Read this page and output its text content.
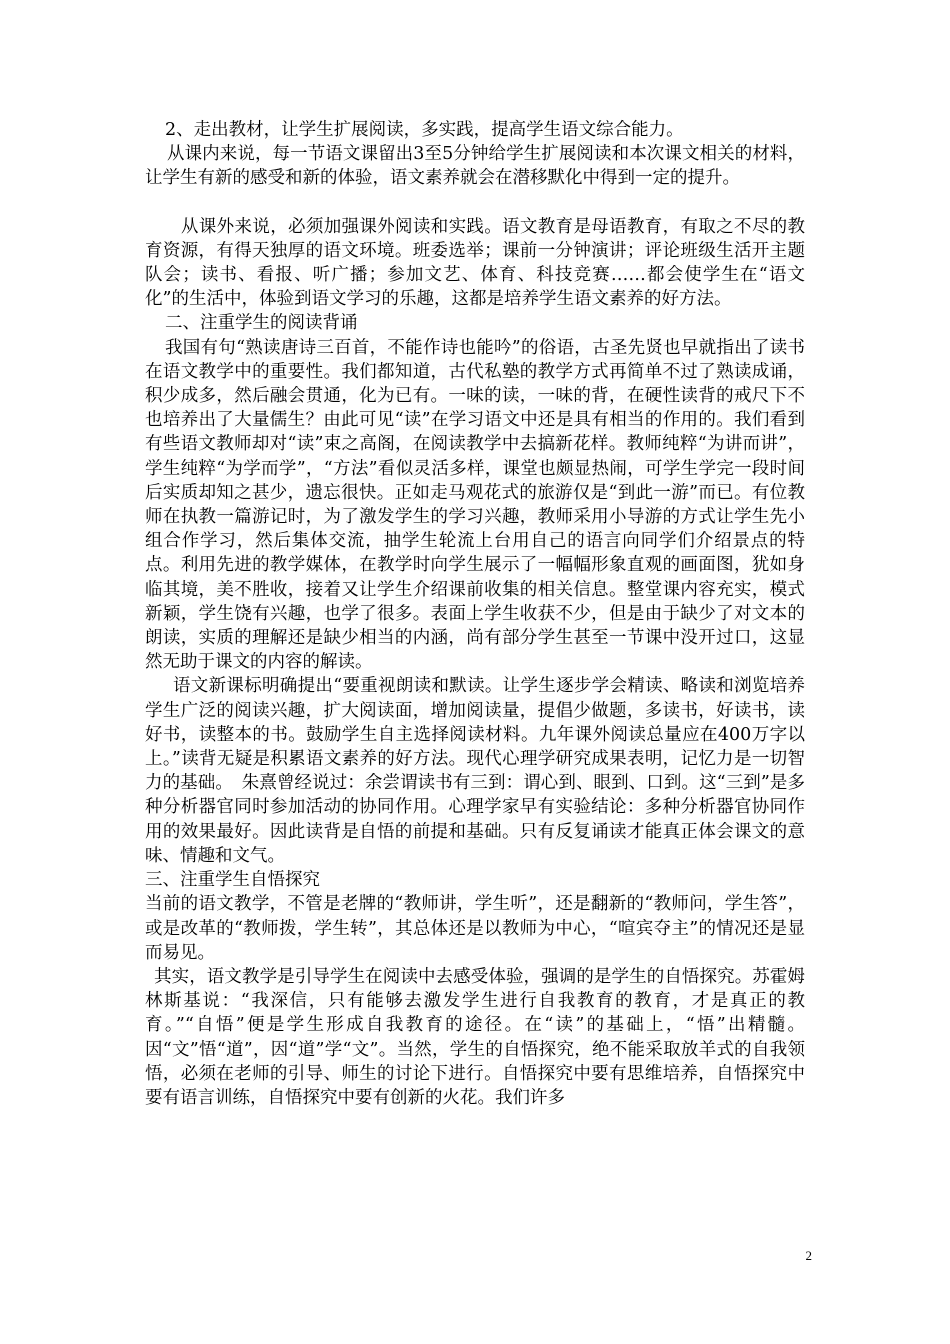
2、走出教材，让学生扩展阅读，多实践，提高学生语文综合能力。

从课内来说，每一节语文课留出3至5分钟给学生扩展阅读和本次课文相关的材料，让学生有新的感受和新的体验，语文素养就会在潜移默化中得到一定的提升。

从课外来说，必须加强课外阅读和实践。语文教育是母语教育，有取之不尽的教育资源，有得天独厚的语文环境。班委选举；课前一分钟演讲；评论班级生活开主题队会；读书、看报、听广播；参加文艺、体育、科技竞赛……都会使学生在“语文化”的生活中，体验到语文学习的乐趣，这都是培养学生语文素养的好方法。

二、注重学生的阅读背诵

我国有句“熟读唐诗三百首，不能作诗也能吟”的俗语，古圣先贤也早就指出了读书在语文教学中的重要性。我们都知道，古代私塾的教学方式再简单不过了熟读成诵，积少成多，然后融会贯通，化为已有。一味的读，一味的背，在硬性读背的戒尺下不也培养出了大量儒生？由此可见“读”在学习语文中还是具有相当的作用的。我们看到有些语文教师却对“读”束之高阁，在阅读教学中去搞新花样。教师纯粹“为讲而讲”，学生纯粹“为学而学”，“方法”看似灵活多样，课堂也颇显热闹，可学生学完一段时间后实质却知之甚少，遗忘很快。正如走马观花式的旅游仅是“到此一游”而已。有位教师在执教一篇游记时，为了激发学生的学习兴趣，教师采用小导游的方式让学生先小组合作学习，然后集体交流，抽学生轮流上台用自己的语言向同学们介绍景点的特点。利用先进的教学媒体，在教学时向学生展示了一幅幅形象直观的画面图，犹如身临其境，美不胜收，接着又让学生介绍课前收集的相关信息。整堂课内容充实，模式新颖，学生饶有兴趣，也学了很多。表面上学生收获不少，但是由于缺少了对文本的朗读，实质的理解还是缺少相当的内涵，尚有部分学生甚至一节课中没开过口，这显然无助于课文的内容的解读。

语文新课标明确提出“要重视朗读和默读。让学生逐步学会精读、略读和浏览培养学生广泛的阅读兴趣，扩大阅读面，增加阅读量，提倡少做题，多读书，好读书，读好书，读整本的书。鼓励学生自主选择阅读材料。九年课外阅读总量应在400万字以上。”读背无疑是积累语文素养的好方法。现代心理学研究成果表明，记忆力是一切智力的基础。　朱熹曾经说过：余尝谓读书有三到：谓心到、眼到、口到。这“三到”是多种分析器官同时参加活动的协同作用。心理学家早有实验结论：多种分析器官协同作用的效果最好。因此读背是自悟的前提和基础。只有反复诵读才能真正体会课文的意味、情趣和文气。

三、注重学生自悟探究

当前的语文教学，不管是老牌的“教师讲，学生听”，还是翻新的“教师问，学生答”，或是改革的“教师拨，学生转”，其总体还是以教师为中心，“喧宾夺主”的情况还是显而易见。

其实，语文教学是引导学生在阅读中去感受体验，强调的是学生的自悟探究。苏霍姆林斯基说：“我深信，只有能够去激发学生进行自我教育的教育，才是真正的教育。”“自悟”便是学生形成自我教育的途径。在“读”的基础上，“悟”出精髓。因“文”悟“道”，因“道”学“文”。当然，学生的自悟探究，绝不能采取放羊式的自我领悟，必须在老师的引导、师生的讨论下进行。自悟探究中要有思维培养，自悟探究中要有语言训练，自悟探究中要有创新的火花。我们许多

2
